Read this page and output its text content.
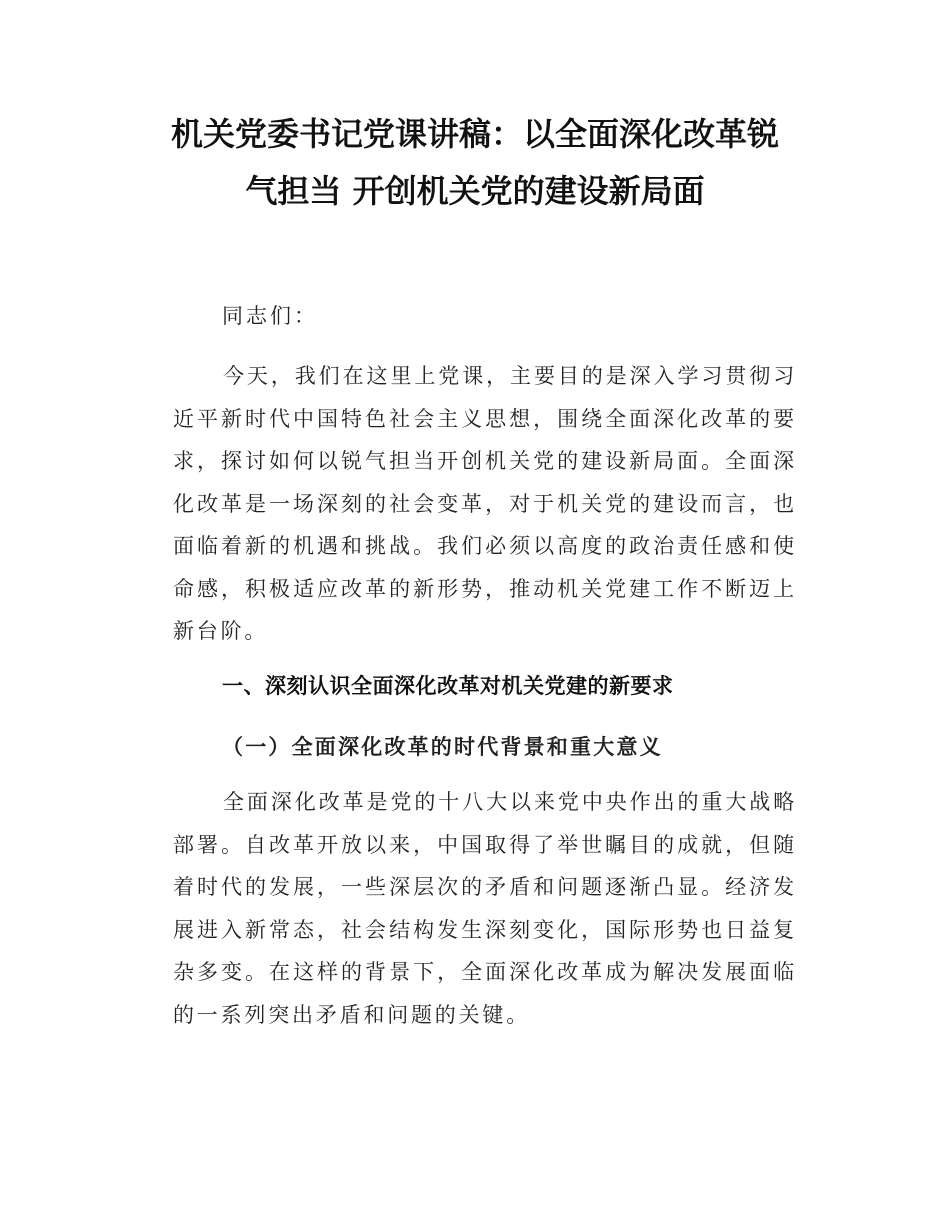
机关党委书记党课讲稿：以全面深化改革锐
气担当 开创机关党的建设新局面

同志们：

今天，我们在这里上党课，主要目的是深入学习贯彻习近平新时代中国特色社会主义思想，围绕全面深化改革的要求，探讨如何以锐气担当开创机关党的建设新局面。全面深化改革是一场深刻的社会变革，对于机关党的建设而言，也面临着新的机遇和挑战。我们必须以高度的政治责任感和使命感，积极适应改革的新形势，推动机关党建工作不断迈上新台阶。

一、深刻认识全面深化改革对机关党建的新要求
（一）全面深化改革的时代背景和重大意义

全面深化改革是党的十八大以来党中央作出的重大战略部署。自改革开放以来，中国取得了举世瞩目的成就，但随着时代的发展，一些深层次的矛盾和问题逐渐凸显。经济发展进入新常态，社会结构发生深刻变化，国际形势也日益复杂多变。在这样的背景下，全面深化改革成为解决发展面临的一系列突出矛盾和问题的关键。
